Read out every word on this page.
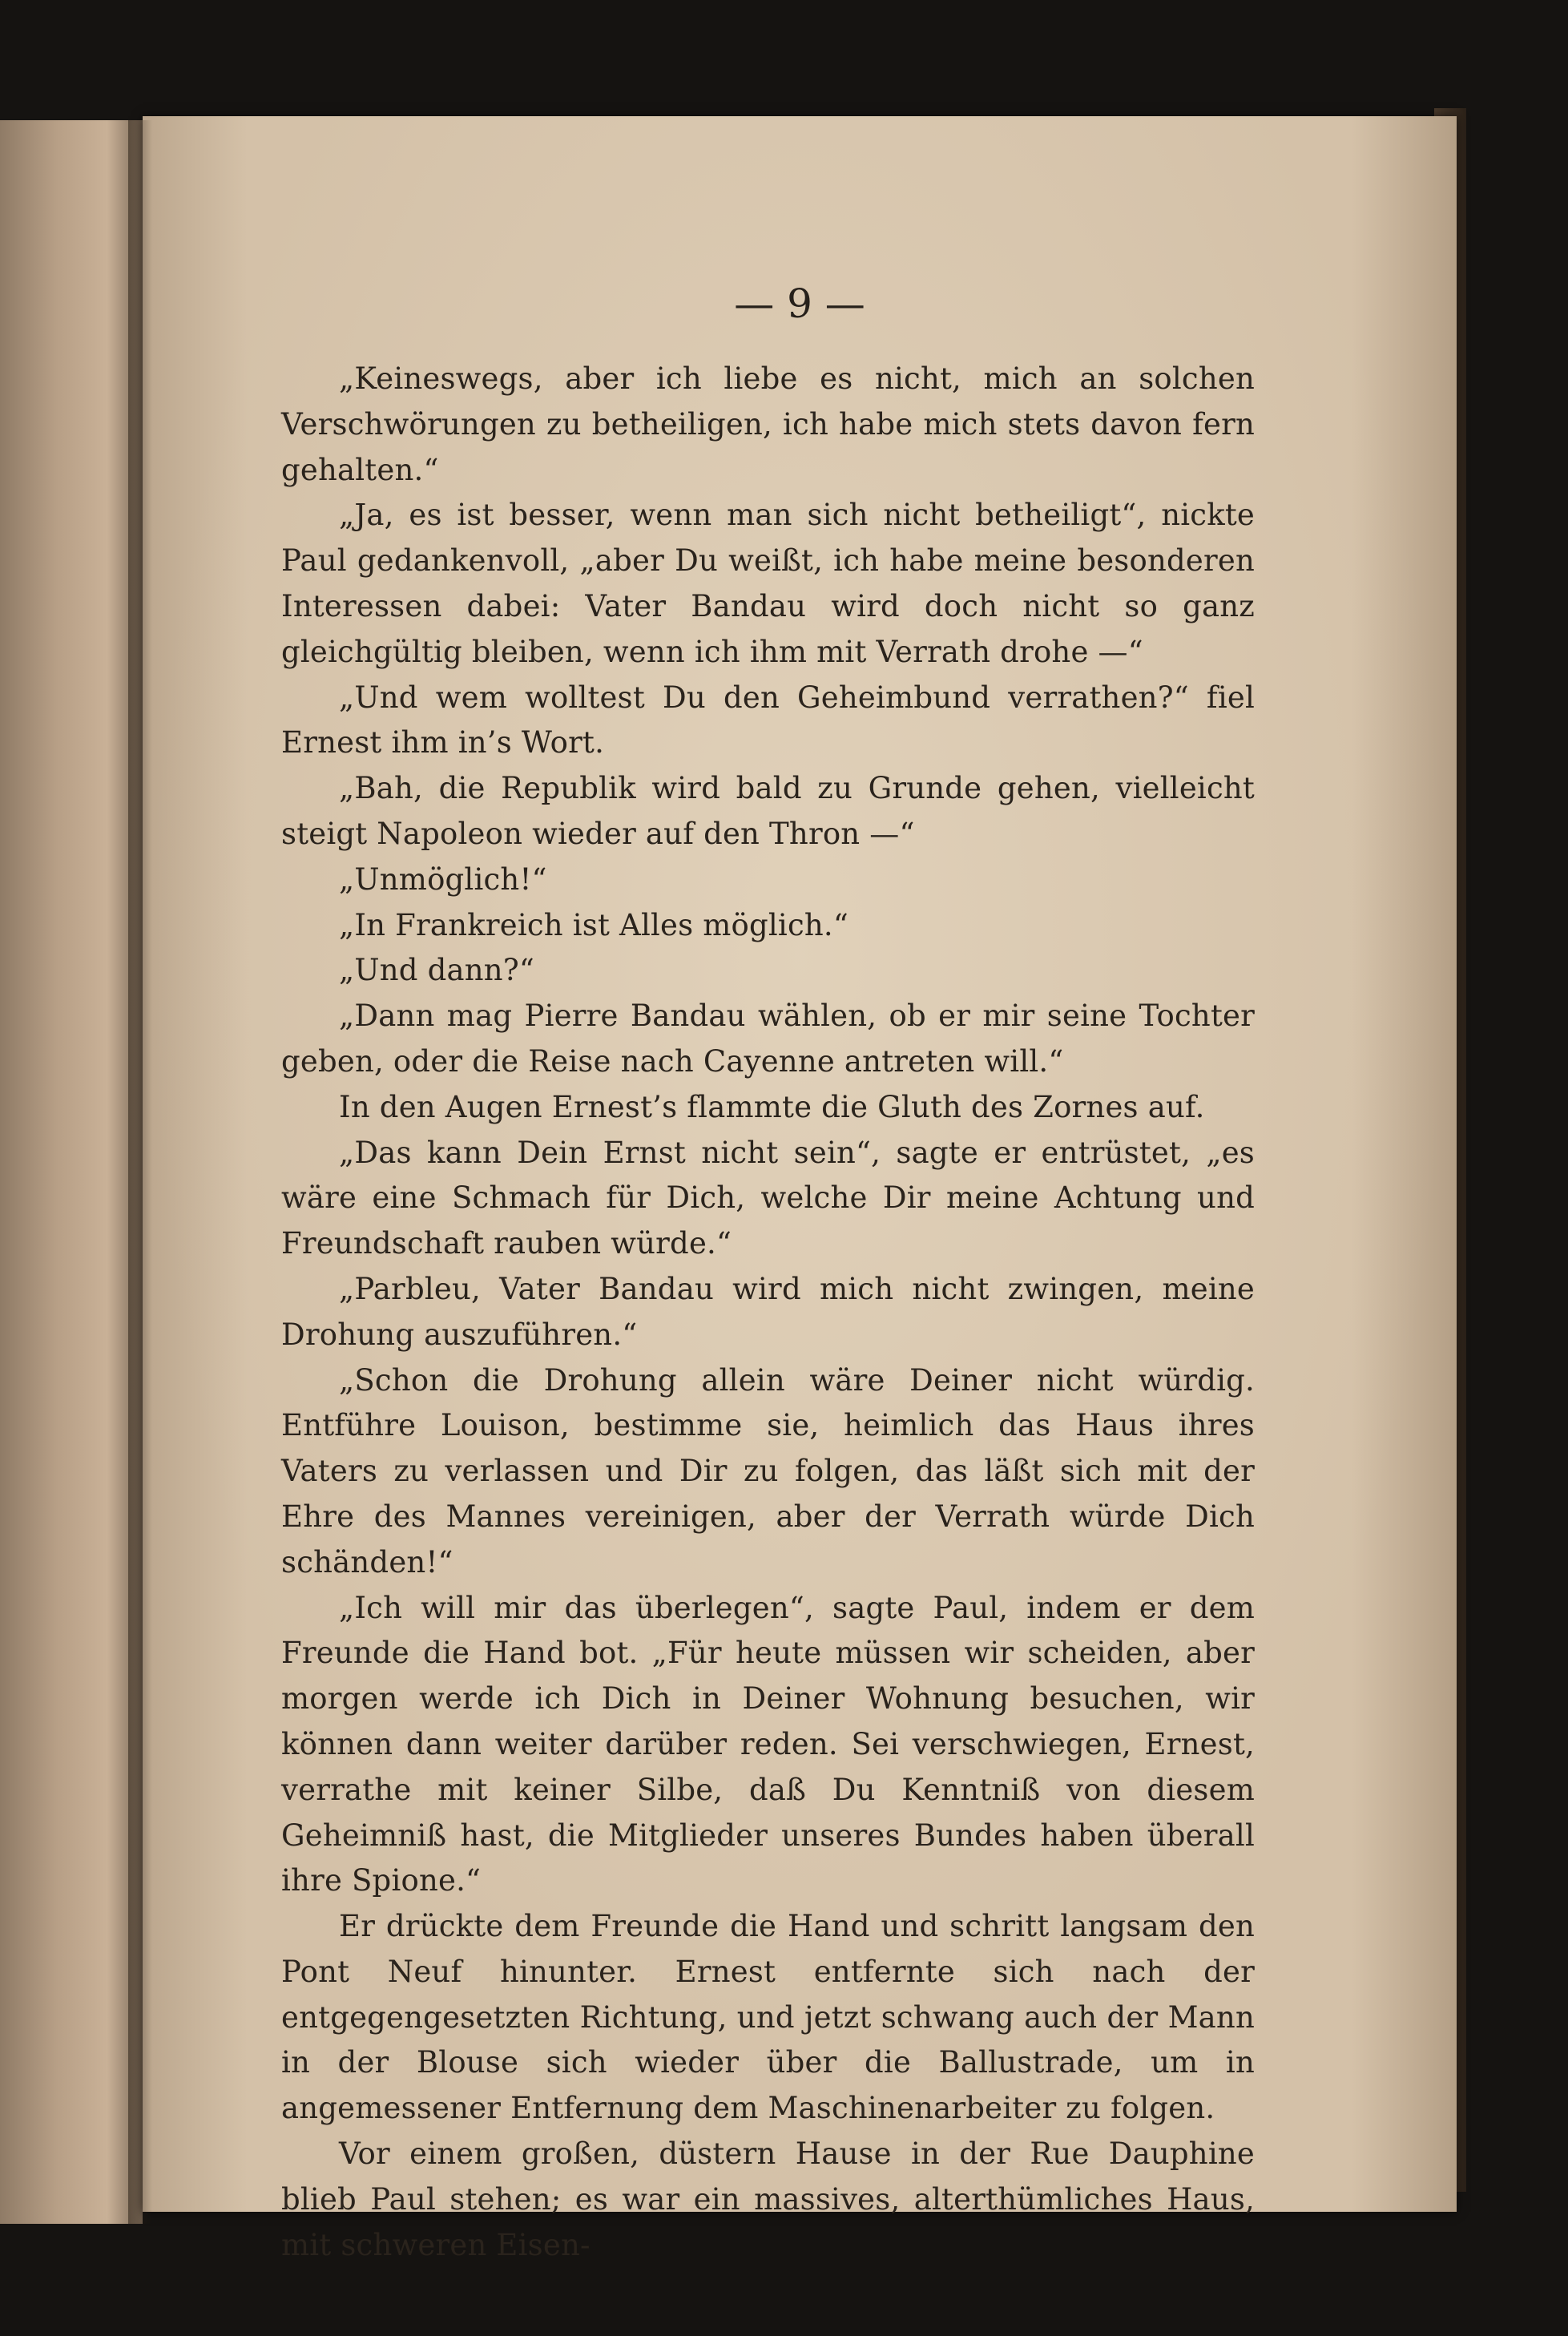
— 9 —

„Keineswegs, aber ich liebe es nicht, mich an solchen Verschwörungen zu betheiligen, ich habe mich stets davon fern gehalten.“

„Ja, es ist besser, wenn man sich nicht betheiligt“, nickte Paul gedankenvoll, „aber Du weißt, ich habe meine besonderen Interessen dabei: Vater Bandau wird doch nicht so ganz gleichgültig bleiben, wenn ich ihm mit Verrath drohe —“

„Und wem wolltest Du den Geheimbund verrathen?“ fiel Ernest ihm in’s Wort.

„Bah, die Republik wird bald zu Grunde gehen, vielleicht steigt Napoleon wieder auf den Thron —“

„Unmöglich!“

„In Frankreich ist Alles möglich.“

„Und dann?“

„Dann mag Pierre Bandau wählen, ob er mir seine Tochter geben, oder die Reise nach Cayenne antreten will.“

In den Augen Ernest’s flammte die Gluth des Zornes auf.

„Das kann Dein Ernst nicht sein“, sagte er entrüstet, „es wäre eine Schmach für Dich, welche Dir meine Achtung und Freundschaft rauben würde.“

„Parbleu, Vater Bandau wird mich nicht zwingen, meine Drohung auszuführen.“

„Schon die Drohung allein wäre Deiner nicht würdig. Entführe Louison, bestimme sie, heimlich das Haus ihres Vaters zu verlassen und Dir zu folgen, das läßt sich mit der Ehre des Mannes vereinigen, aber der Verrath würde Dich schänden!“

„Ich will mir das überlegen“, sagte Paul, indem er dem Freunde die Hand bot. „Für heute müssen wir scheiden, aber morgen werde ich Dich in Deiner Wohnung besuchen, wir können dann weiter darüber reden. Sei verschwiegen, Ernest, verrathe mit keiner Silbe, daß Du Kenntniß von diesem Geheimniß hast, die Mitglieder unseres Bundes haben überall ihre Spione.“

Er drückte dem Freunde die Hand und schritt langsam den Pont Neuf hinunter. Ernest entfernte sich nach der entgegengesetzten Richtung, und jetzt schwang auch der Mann in der Blouse sich wieder über die Ballustrade, um in angemessener Entfernung dem Maschinenarbeiter zu folgen.

Vor einem großen, düstern Hause in der Rue Dauphine blieb Paul stehen; es war ein massives, alterthümliches Haus, mit schweren Eisen-
